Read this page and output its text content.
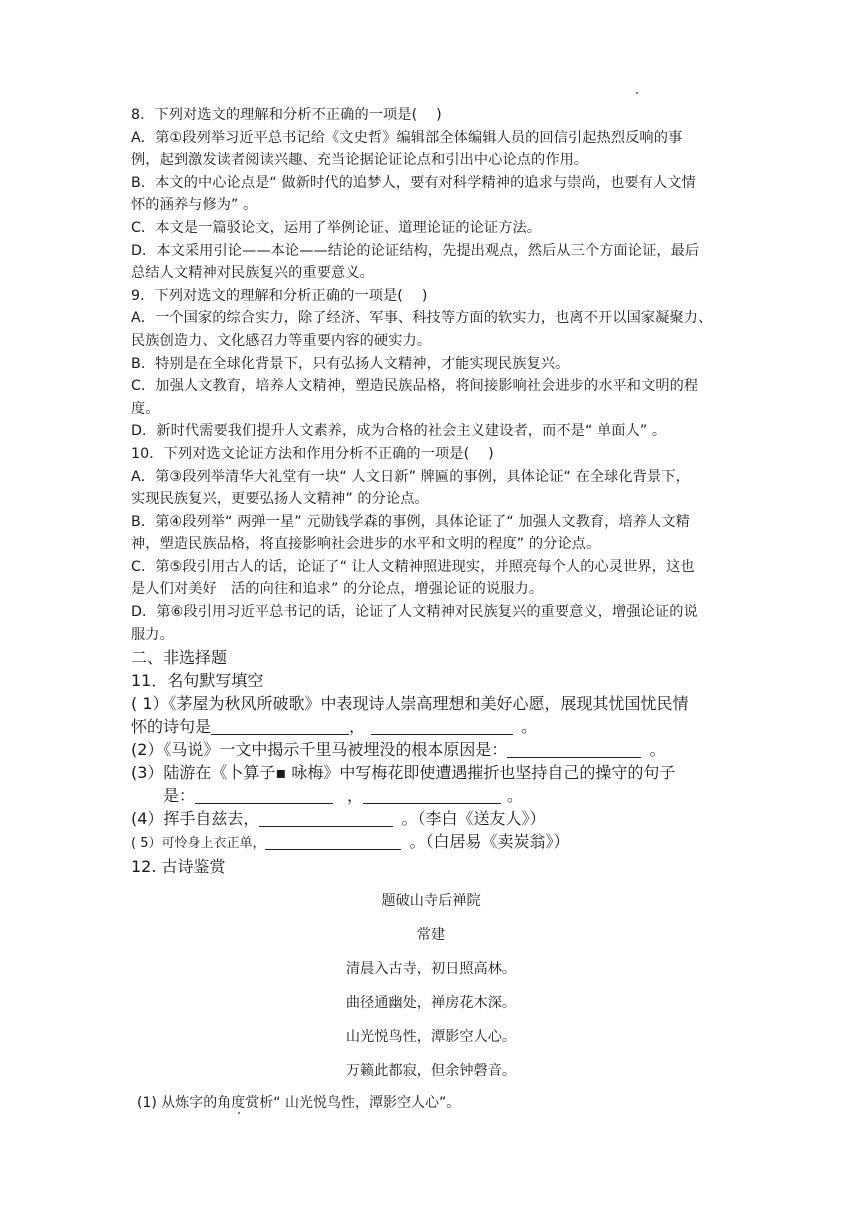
8．下列对选文的理解和分析不正确的一项是(　 )
A．第①段列举习近平总书记给《文史哲》编辑部全体编辑人员的回信引起热烈反响的事
例，起到激发读者阅读兴趣、充当论据论证论点和引出中心论点的作用。
B．本文的中心论点是“ 做新时代的追梦人，要有对科学精神的追求与崇尚，也要有人文情
怀的涵养与修为” 。
C．本文是一篇驳论文，运用了举例论证、道理论证的论证方法。
D．本文采用引论——本论——结论的论证结构，先提出观点，然后从三个方面论证，最后
总结人文精神对民族复兴的重要意义。
9．下列对选文的理解和分析正确的一项是(　 )
A．一个国家的综合实力，除了经济、军事、科技等方面的软实力，也离不开以国家凝聚力、
民族创造力、文化感召力等重要内容的硬实力。
B．特别是在全球化背景下，只有弘扬人文精神，才能实现民族复兴。
C．加强人文教育，培养人文精神，塑造民族品格，将间接影响社会进步的水平和文明的程
度。
D．新时代需要我们提升人文素养，成为合格的社会主义建设者，而不是“ 单面人” 。
10．下列对选文论证方法和作用分析不正确的一项是(　 )
A．第③段列举清华大礼堂有一块“ 人文日新” 牌匾的事例，具体论证“ 在全球化背景下，
实现民族复兴，更要弘扬人文精神” 的分论点。
B．第④段列举“ 两弹一星” 元勋钱学森的事例，具体论证了“ 加强人文教育，培养人文精
神，塑造民族品格，将直接影响社会进步的水平和文明的程度” 的分论点。
C．第⑤段引用古人的话，论证了“ 让人文精神照进现实，并照亮每个人的心灵世界，这也
是人们对美好　活的向往和追求” 的分论点，增强论证的说服力。
D．第⑥段引用习近平总书记的话，论证了人文精神对民族复兴的重要意义，增强论证的说
服力。
二、非选择题
11．名句默写填空
( 1）《茅屋为秋风所破歌》中表现诗人崇高理想和美好心愿，展现其忧国忧民情
怀的诗句是	，	。
(2）《马说》一文中揭示千里马被埋没的根本原因是：	。
(3）陆游在《卜算子▪ 咏梅》中写梅花即使遭遇摧折也坚持自己的操守的句子
是：	，	。
(4）挥手自兹去，	。（李白《送友人》）
( 5）可怜身上衣正单，	。（白居易《卖炭翁》）
12. 古诗鉴赏
题破山寺后禅院
常建
清晨入古寺，初日照高林。
曲径通幽处，禅房花木深。
山光悦鸟性，潭影空人心。
万籁此都寂，但余钟磬音。
(1) 从炼字的角度赏析“ 山光悦鸟性，潭影空人心”。
